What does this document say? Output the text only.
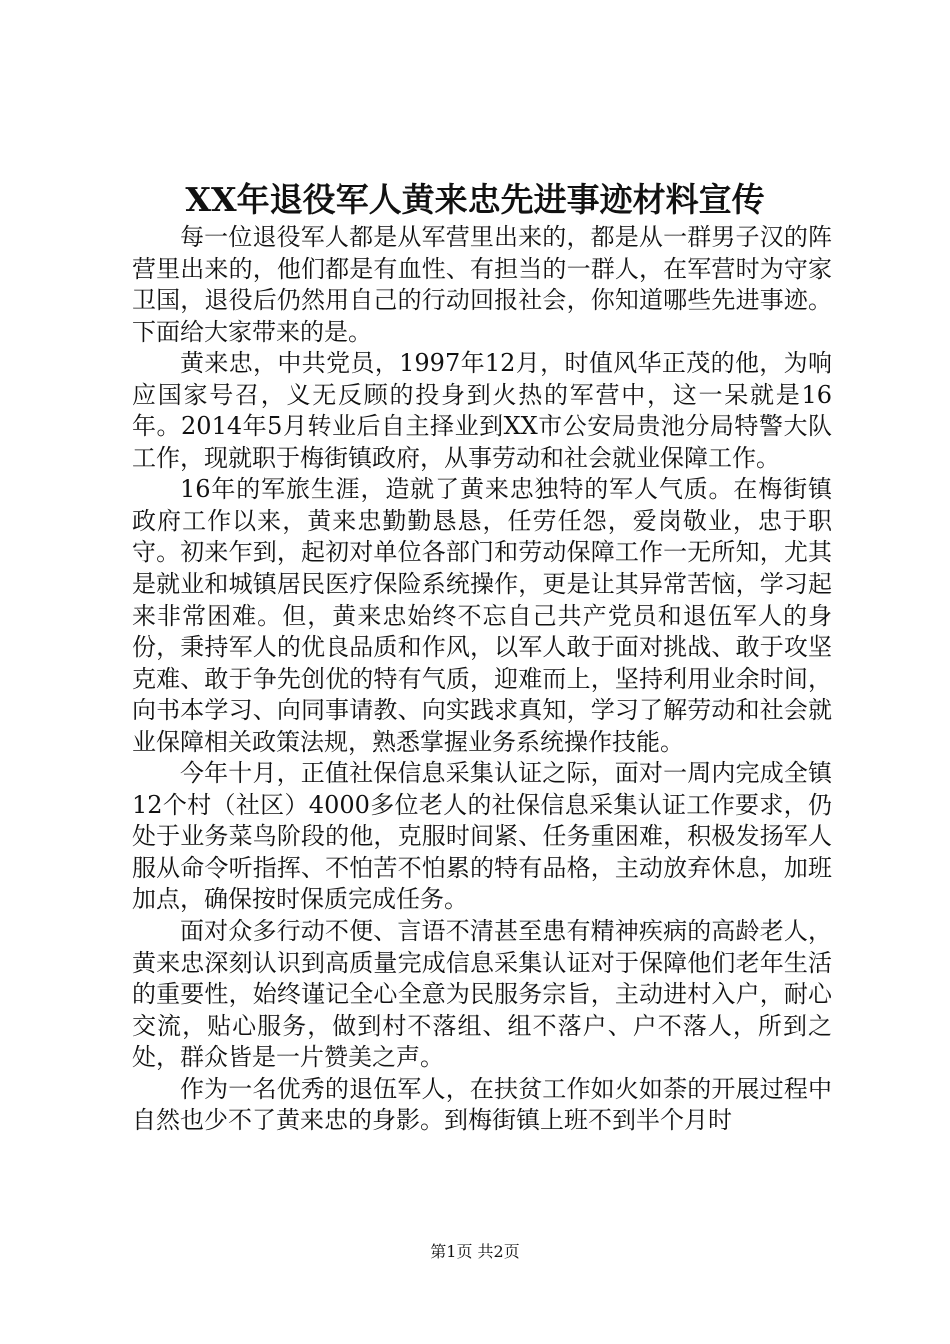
XX年退役军人黄来忠先进事迹材料宣传

每一位退役军人都是从军营里出来的，都是从一群男子汉的阵营里出来的，他们都是有血性、有担当的一群人，在军营时为守家卫国，退役后仍然用自己的行动回报社会，你知道哪些先进事迹。下面给大家带来的是。

黄来忠，中共党员，1997年12月，时值风华正茂的他，为响应国家号召，义无反顾的投身到火热的军营中，这一呆就是16年。2014年5月转业后自主择业到XX市公安局贵池分局特警大队工作，现就职于梅街镇政府，从事劳动和社会就业保障工作。

16年的军旅生涯，造就了黄来忠独特的军人气质。在梅街镇政府工作以来，黄来忠勤勤恳恳，任劳任怨，爱岗敬业，忠于职守。初来乍到，起初对单位各部门和劳动保障工作一无所知，尤其是就业和城镇居民医疗保险系统操作，更是让其异常苦恼，学习起来非常困难。但，黄来忠始终不忘自己共产党员和退伍军人的身份，秉持军人的优良品质和作风，以军人敢于面对挑战、敢于攻坚克难、敢于争先创优的特有气质，迎难而上，坚持利用业余时间，向书本学习、向同事请教、向实践求真知，学习了解劳动和社会就业保障相关政策法规，熟悉掌握业务系统操作技能。

今年十月，正值社保信息采集认证之际，面对一周内完成全镇12个村（社区）4000多位老人的社保信息采集认证工作要求，仍处于业务菜鸟阶段的他，克服时间紧、任务重困难，积极发扬军人服从命令听指挥、不怕苦不怕累的特有品格，主动放弃休息，加班加点，确保按时保质完成任务。

面对众多行动不便、言语不清甚至患有精神疾病的高龄老人，黄来忠深刻认识到高质量完成信息采集认证对于保障他们老年生活的重要性，始终谨记全心全意为民服务宗旨，主动进村入户，耐心交流，贴心服务，做到村不落组、组不落户、户不落人，所到之处，群众皆是一片赞美之声。

作为一名优秀的退伍军人，在扶贫工作如火如荼的开展过程中自然也少不了黄来忠的身影。到梅街镇上班不到半个月时

第1页 共2页
